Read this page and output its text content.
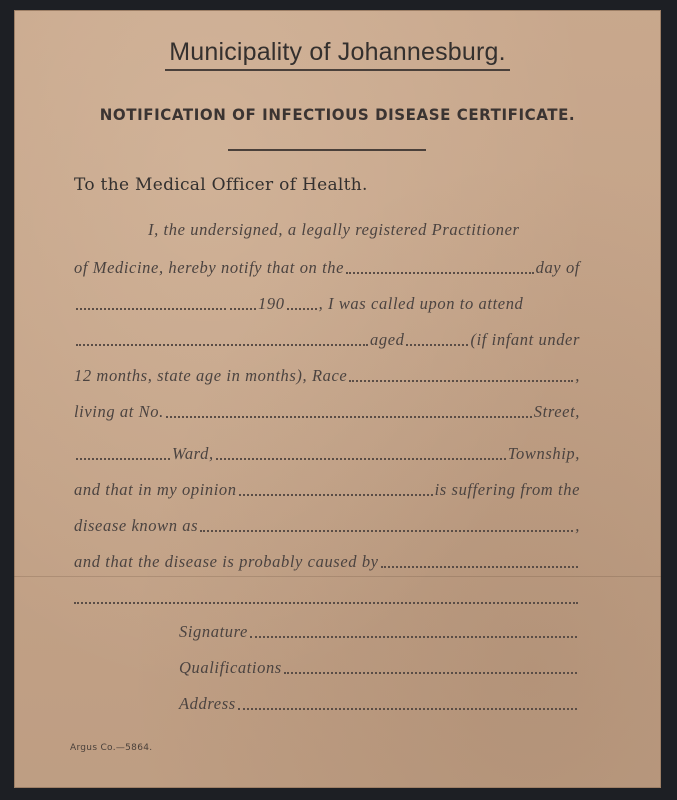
Municipality of Johannesburg.
NOTIFICATION OF INFECTIOUS DISEASE CERTIFICATE.
To the Medical Officer of Health.
I, the undersigned, a legally registered Practitioner
of Medicine, hereby notify that on the	day of
190 , I was called upon to attend
aged	(if infant under
12 months, state age in months), Race	,
living at No.	Street,
Ward,	Township,
and that in my opinion	is suffering from the
disease known as	,
and that the disease is probably caused by
Signature
Qualifications
Address
Argus Co.—5864.
